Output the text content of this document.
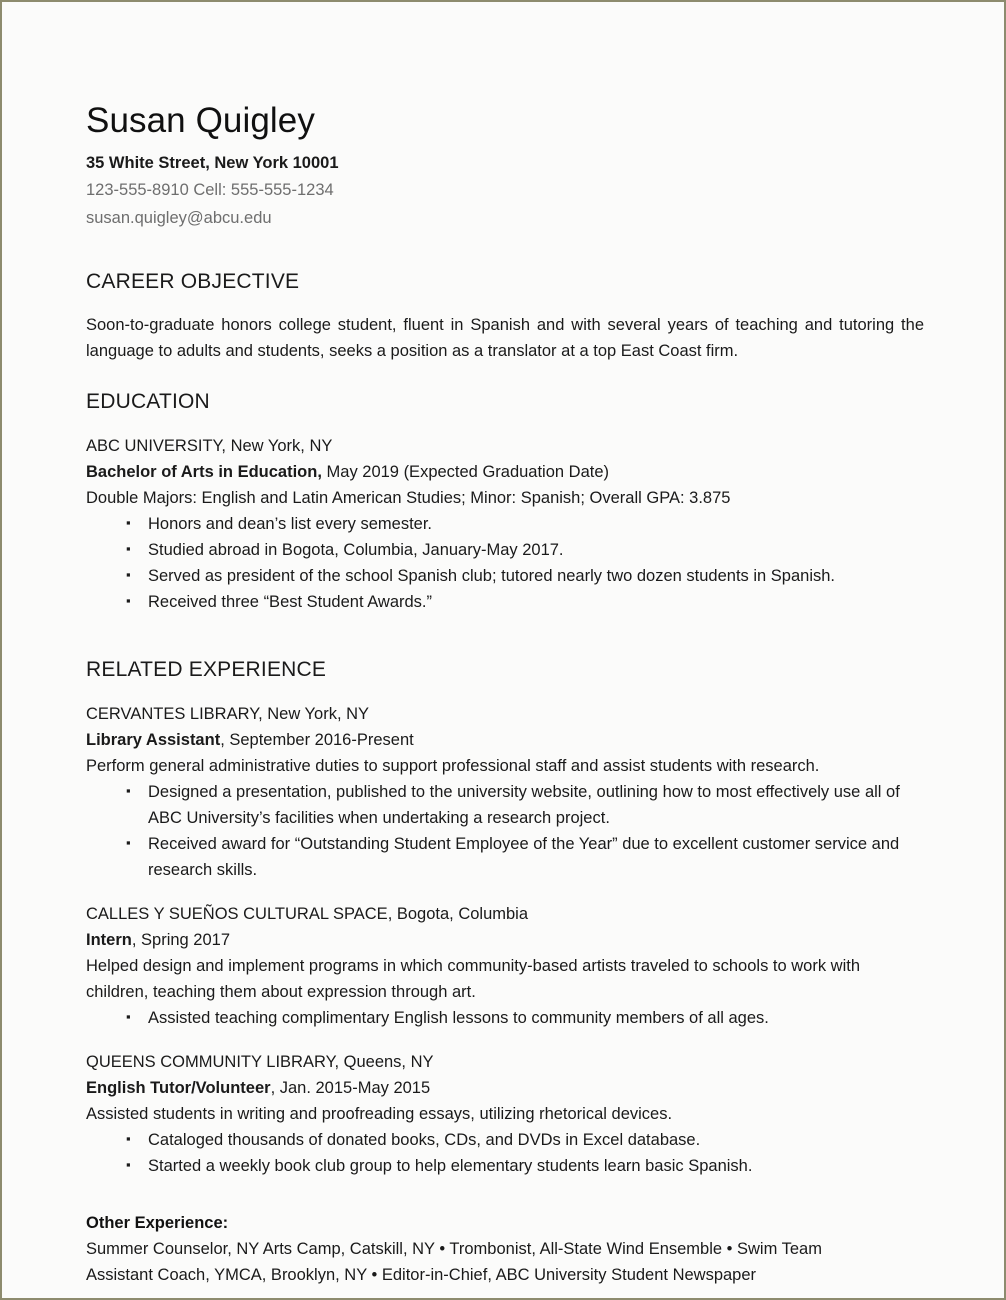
Susan Quigley
35 White Street, New York 10001
123-555-8910 Cell: 555-555-1234
susan.quigley@abcu.edu
CAREER OBJECTIVE

Soon-to-graduate honors college student, fluent in Spanish and with several years of teaching and tutoring the language to adults and students, seeks a position as a translator at a top East Coast firm.

EDUCATION
ABC UNIVERSITY, New York, NY
Bachelor of Arts in Education, May 2019 (Expected Graduation Date)
Double Majors: English and Latin American Studies; Minor: Spanish; Overall GPA: 3.875
▪ Honors and dean’s list every semester.
▪ Studied abroad in Bogota, Columbia, January-May 2017.
▪ Served as president of the school Spanish club; tutored nearly two dozen students in Spanish.
▪ Received three “Best Student Awards.”
RELATED EXPERIENCE
CERVANTES LIBRARY, New York, NY
Library Assistant, September 2016-Present
Perform general administrative duties to support professional staff and assist students with research.
▪ Designed a presentation, published to the university website, outlining how to most effectively use all of ABC University’s facilities when undertaking a research project.
▪ Received award for “Outstanding Student Employee of the Year” due to excellent customer service and research skills.
CALLES Y SUEÑOS CULTURAL SPACE, Bogota, Columbia
Intern, Spring 2017
Helped design and implement programs in which community-based artists traveled to schools to work with children, teaching them about expression through art.
▪ Assisted teaching complimentary English lessons to community members of all ages.
QUEENS COMMUNITY LIBRARY, Queens, NY
English Tutor/Volunteer, Jan. 2015-May 2015
Assisted students in writing and proofreading essays, utilizing rhetorical devices.
▪ Cataloged thousands of donated books, CDs, and DVDs in Excel database.
▪ Started a weekly book club group to help elementary students learn basic Spanish.
Other Experience:
Summer Counselor, NY Arts Camp, Catskill, NY • Trombonist, All-State Wind Ensemble • Swim Team
Assistant Coach, YMCA, Brooklyn, NY • Editor-in-Chief, ABC University Student Newspaper
